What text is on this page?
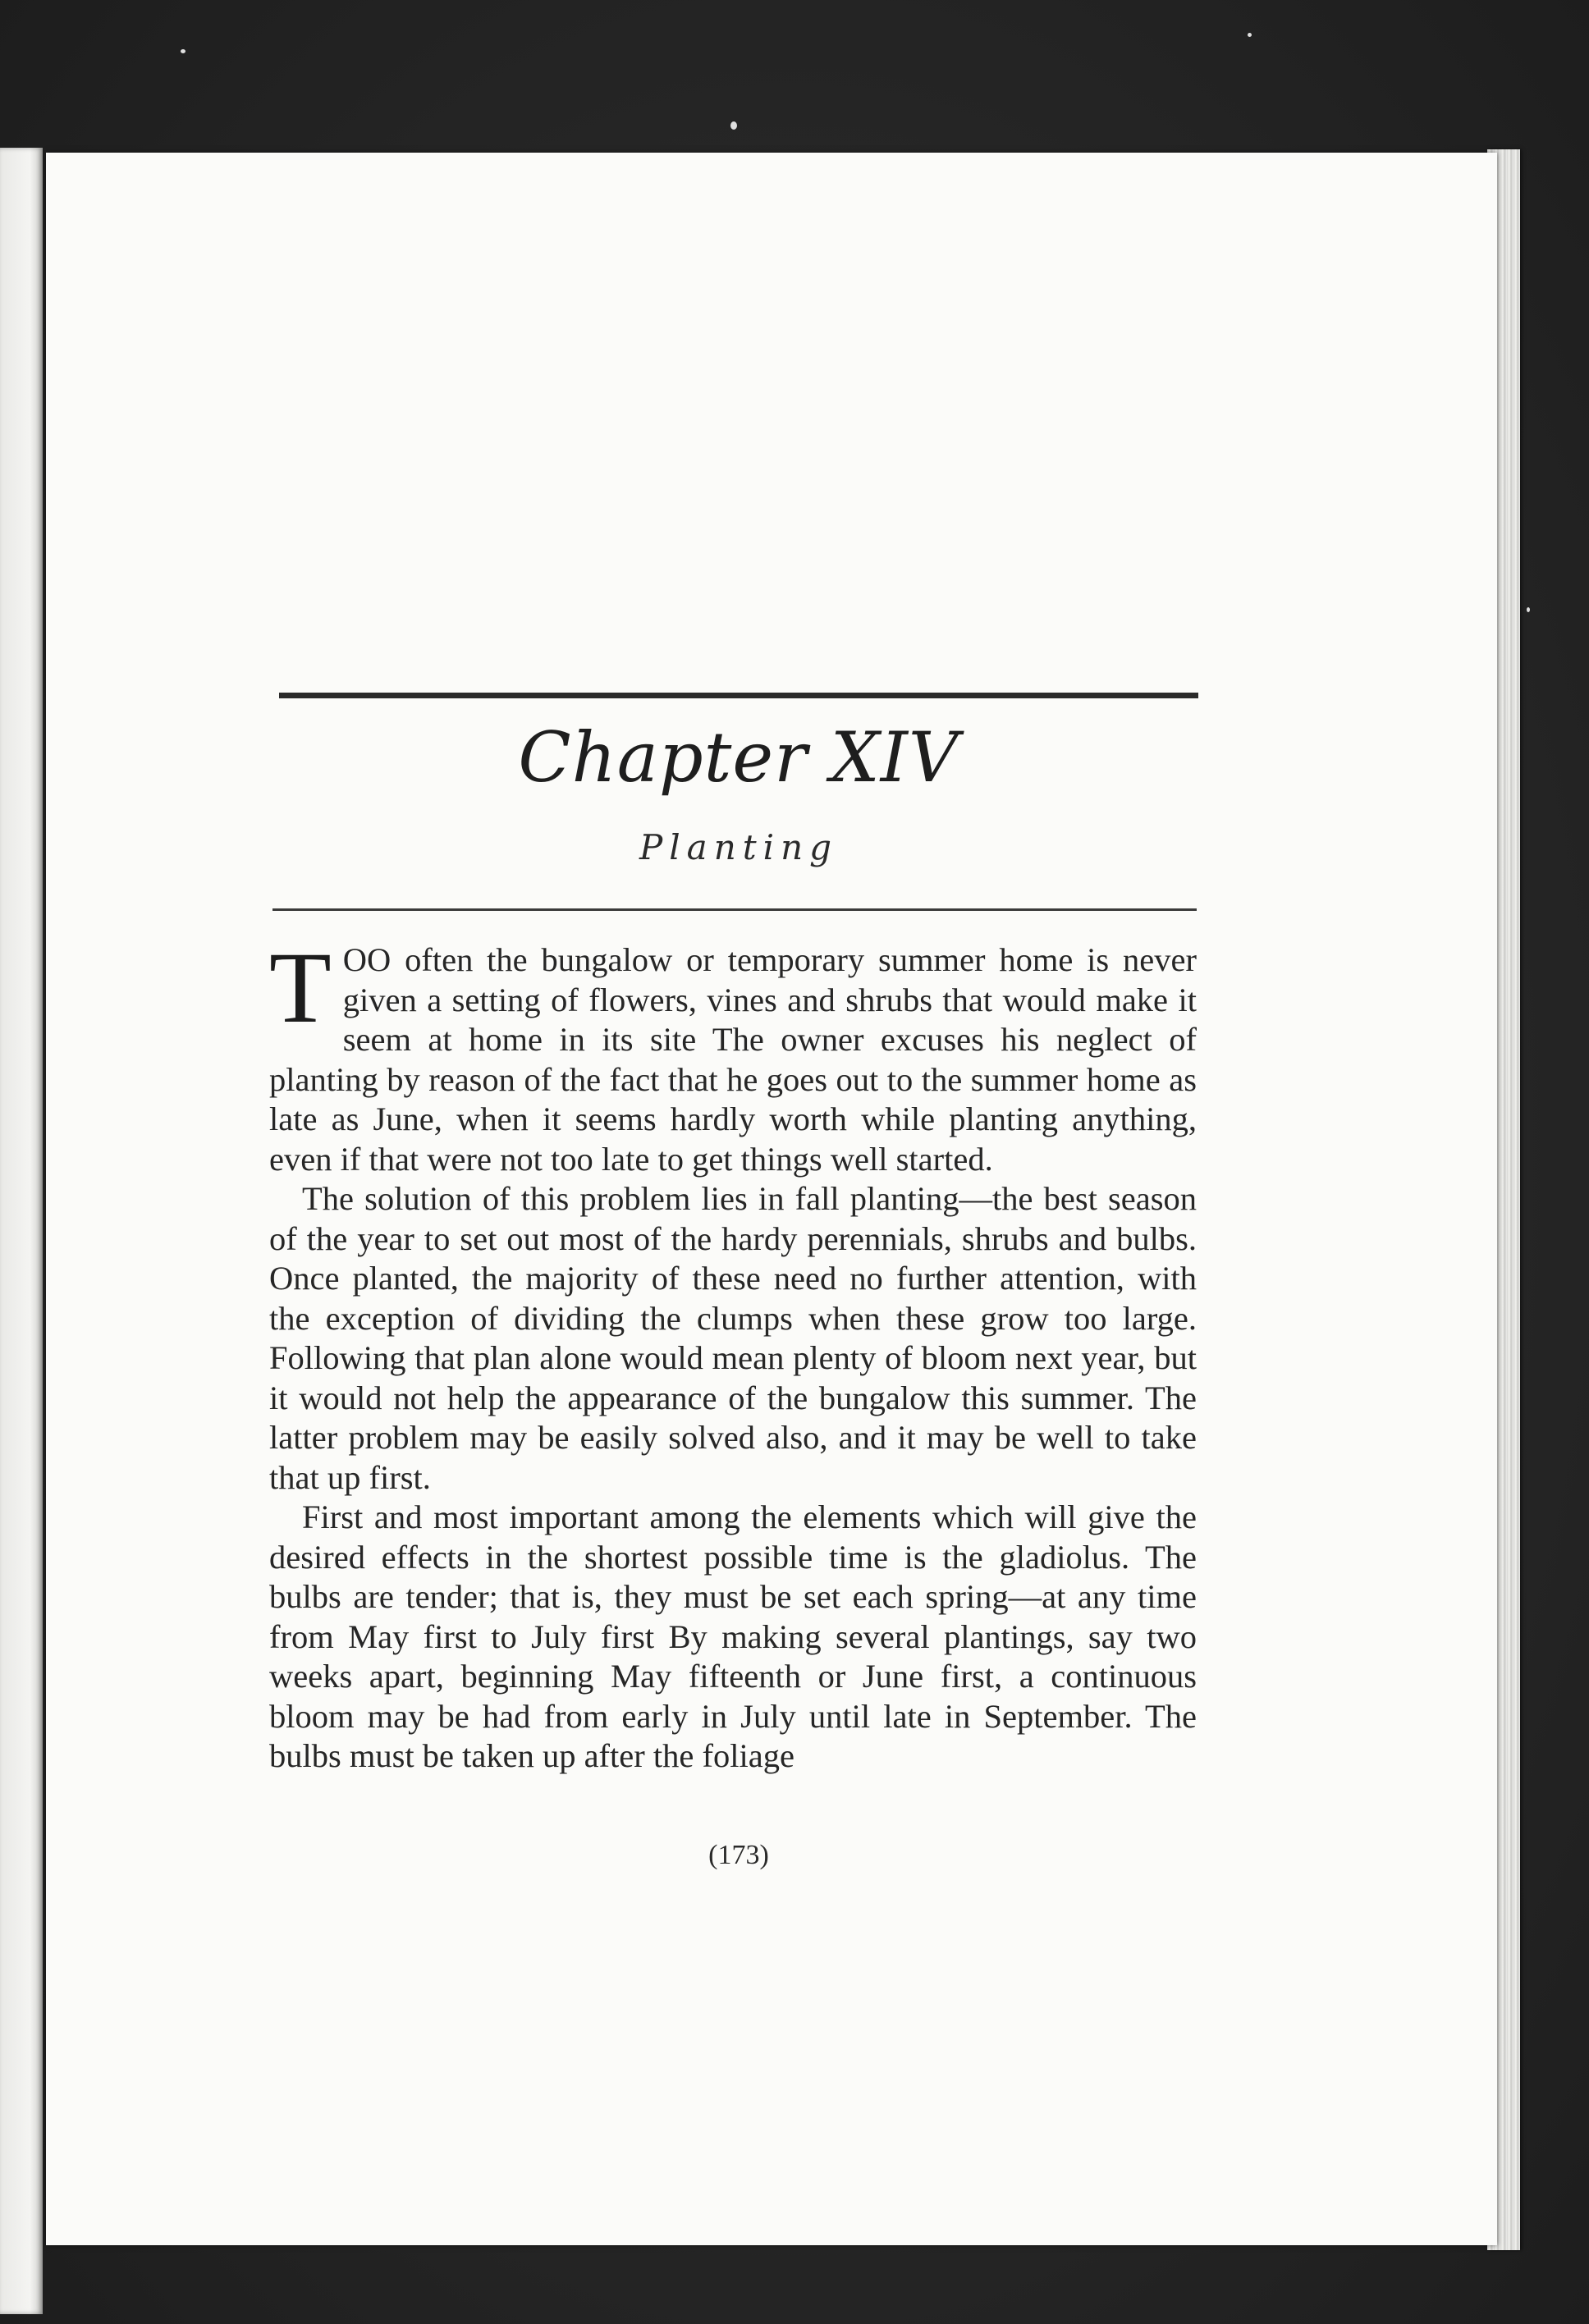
Chapter XIV
Planting

TOO often the bungalow or temporary summer home is never given a setting of flowers, vines and shrubs that would make it seem at home in its site The owner excuses his neglect of planting by reason of the fact that he goes out to the summer home as late as June, when it seems hardly worth while planting anything, even if that were not too late to get things well started.

The solution of this problem lies in fall planting—the best season of the year to set out most of the hardy perennials, shrubs and bulbs. Once planted, the majority of these need no further attention, with the exception of dividing the clumps when these grow too large. Following that plan alone would mean plenty of bloom next year, but it would not help the appearance of the bungalow this summer. The latter problem may be easily solved also, and it may be well to take that up first.

First and most important among the elements which will give the desired effects in the shortest possible time is the gladiolus. The bulbs are tender; that is, they must be set each spring—at any time from May first to July first By making several plantings, say two weeks apart, beginning May fifteenth or June first, a continuous bloom may be had from early in July until late in September. The bulbs must be taken up after the foliage

(173)
